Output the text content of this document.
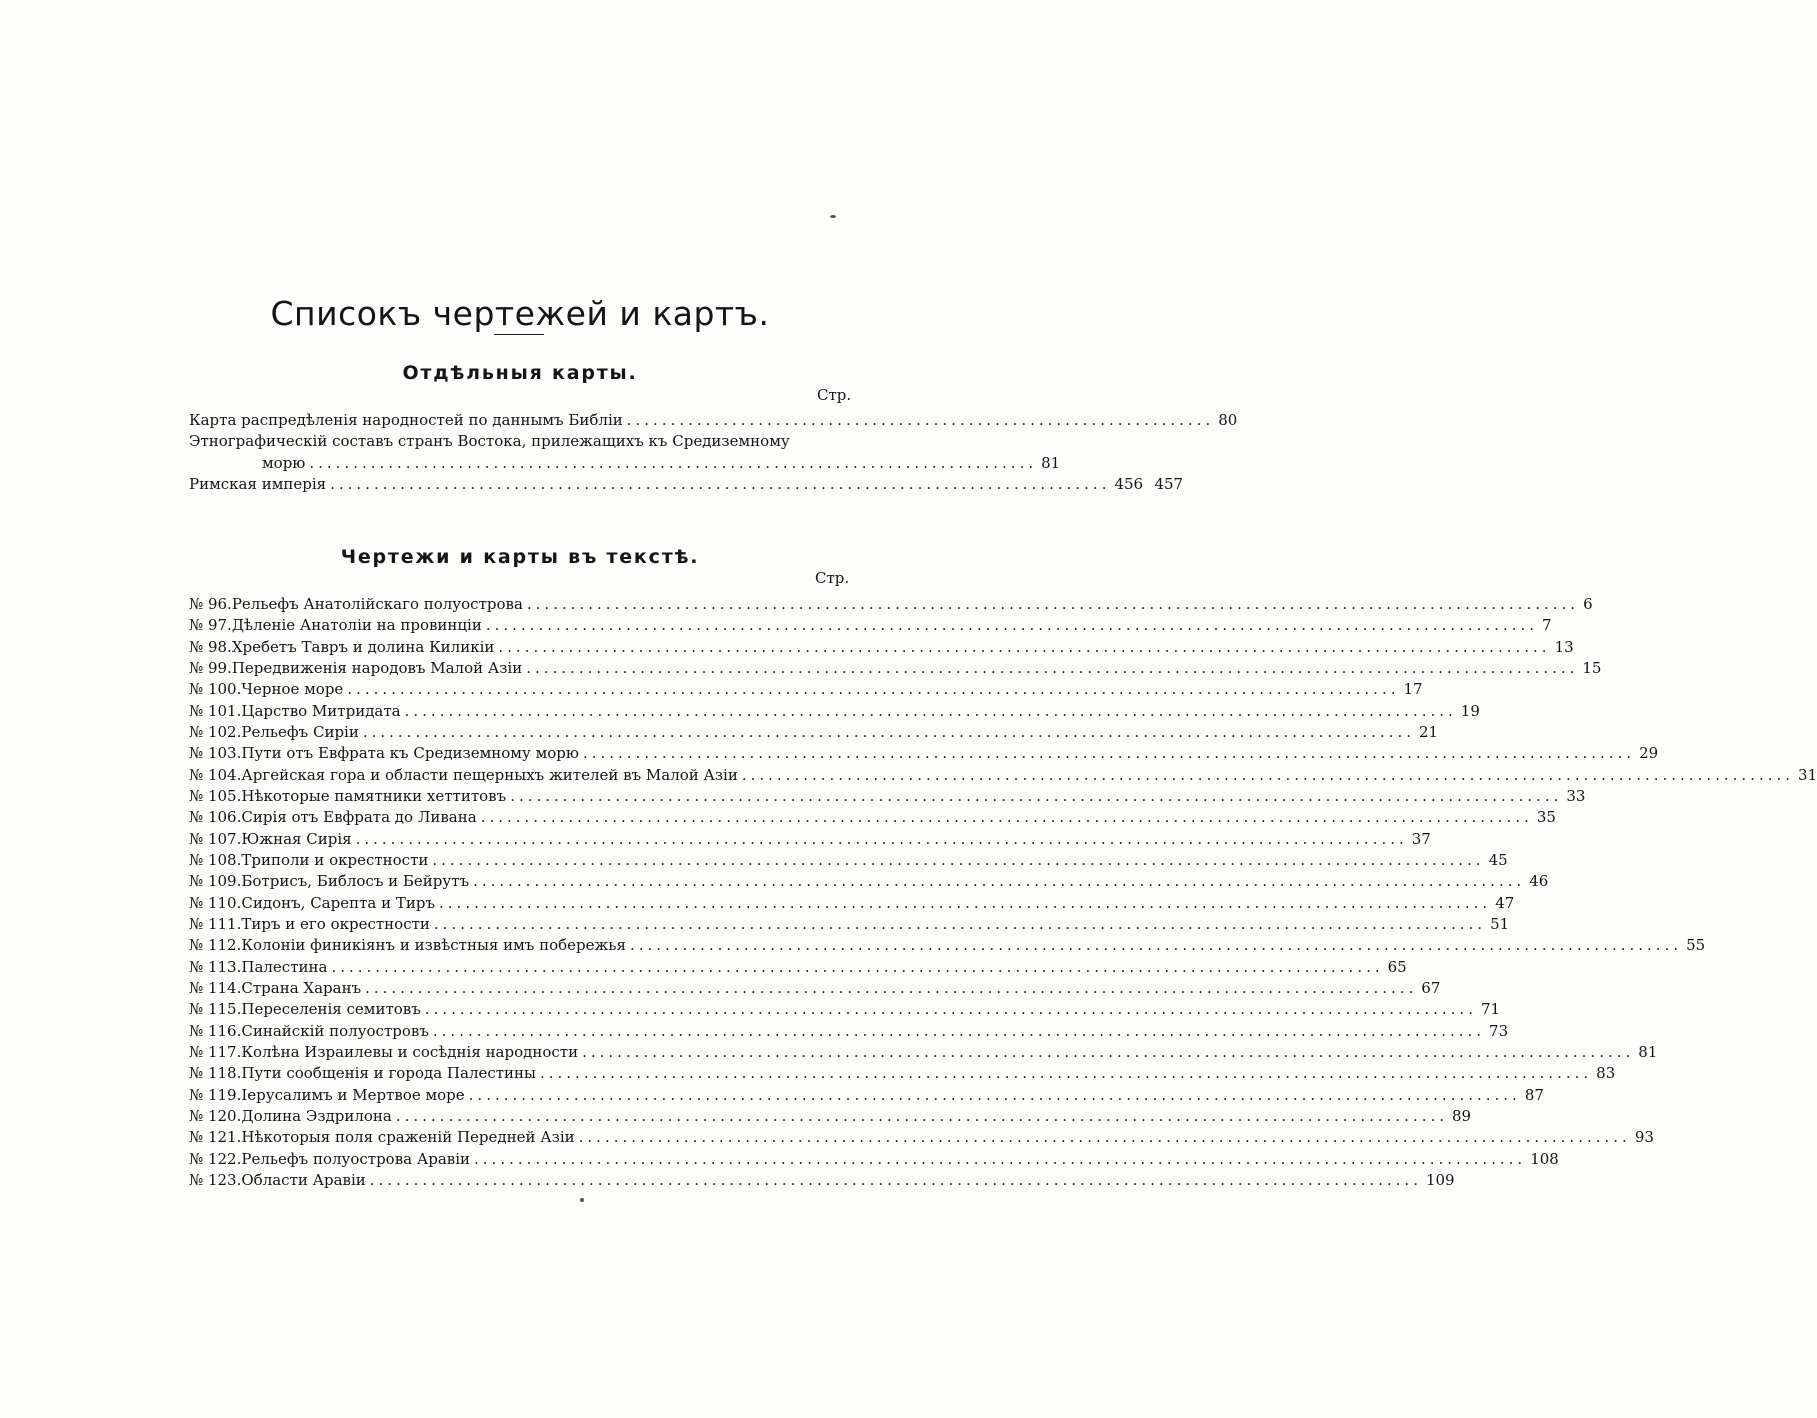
Списокъ чертежей и картъ.
Отдѣльныя карты.
Стр.
Карта распредѣленія народностей по даннымъ Библіи ................................................................... 80
Этнографическій составъ странъ Востока, прилежащихъ къ Средиземному
морю ................................................................................... 81
Римская имперія ......................................................................................... 456 457
Чертежи и карты въ текстѣ.
Стр.
№ 96. Рельефъ Анатолійскаго полуострова ........................................................................................................................ 6
№ 97. Дѣленіе Анатоліи на провинціи ........................................................................................................................ 7
№ 98. Хребетъ Тавръ и долина Киликіи ........................................................................................................................ 13
№ 99. Передвиженія народовъ Малой Азіи ........................................................................................................................ 15
№ 100. Черное море ........................................................................................................................ 17
№ 101. Царство Митридата ........................................................................................................................ 19
№ 102. Рельефъ Сиріи ........................................................................................................................ 21
№ 103. Пути отъ Евфрата къ Средиземному морю ........................................................................................................................ 29
№ 104. Аргейская гора и области пещерныхъ жителей въ Малой Азіи ........................................................................................................................ 31
№ 105. Нѣкоторые памятники хеттитовъ ........................................................................................................................ 33
№ 106. Сирія отъ Евфрата до Ливана ........................................................................................................................ 35
№ 107. Южная Сирія ........................................................................................................................ 37
№ 108. Триполи и окрестности ........................................................................................................................ 45
№ 109. Ботрисъ, Библосъ и Бейрутъ ........................................................................................................................ 46
№ 110. Сидонъ, Сарепта и Тиръ ........................................................................................................................ 47
№ 111. Тиръ и его окрестности ........................................................................................................................ 51
№ 112. Колоніи финикіянъ и извѣстныя имъ побережья ........................................................................................................................ 55
№ 113. Палестина ........................................................................................................................ 65
№ 114. Страна Харанъ ........................................................................................................................ 67
№ 115. Переселенія семитовъ ........................................................................................................................ 71
№ 116. Синайскій полуостровъ ........................................................................................................................ 73
№ 117. Колѣна Израилевы и сосѣднія народности ........................................................................................................................ 81
№ 118. Пути сообщенія и города Палестины ........................................................................................................................ 83
№ 119. Іерусалимъ и Мертвое море ........................................................................................................................ 87
№ 120. Долина Эздрилона ........................................................................................................................ 89
№ 121. Нѣкоторыя поля сраженій Передней Азіи ........................................................................................................................ 93
№ 122. Рельефъ полуострова Аравіи ........................................................................................................................ 108
№ 123. Области Аравіи ........................................................................................................................ 109
